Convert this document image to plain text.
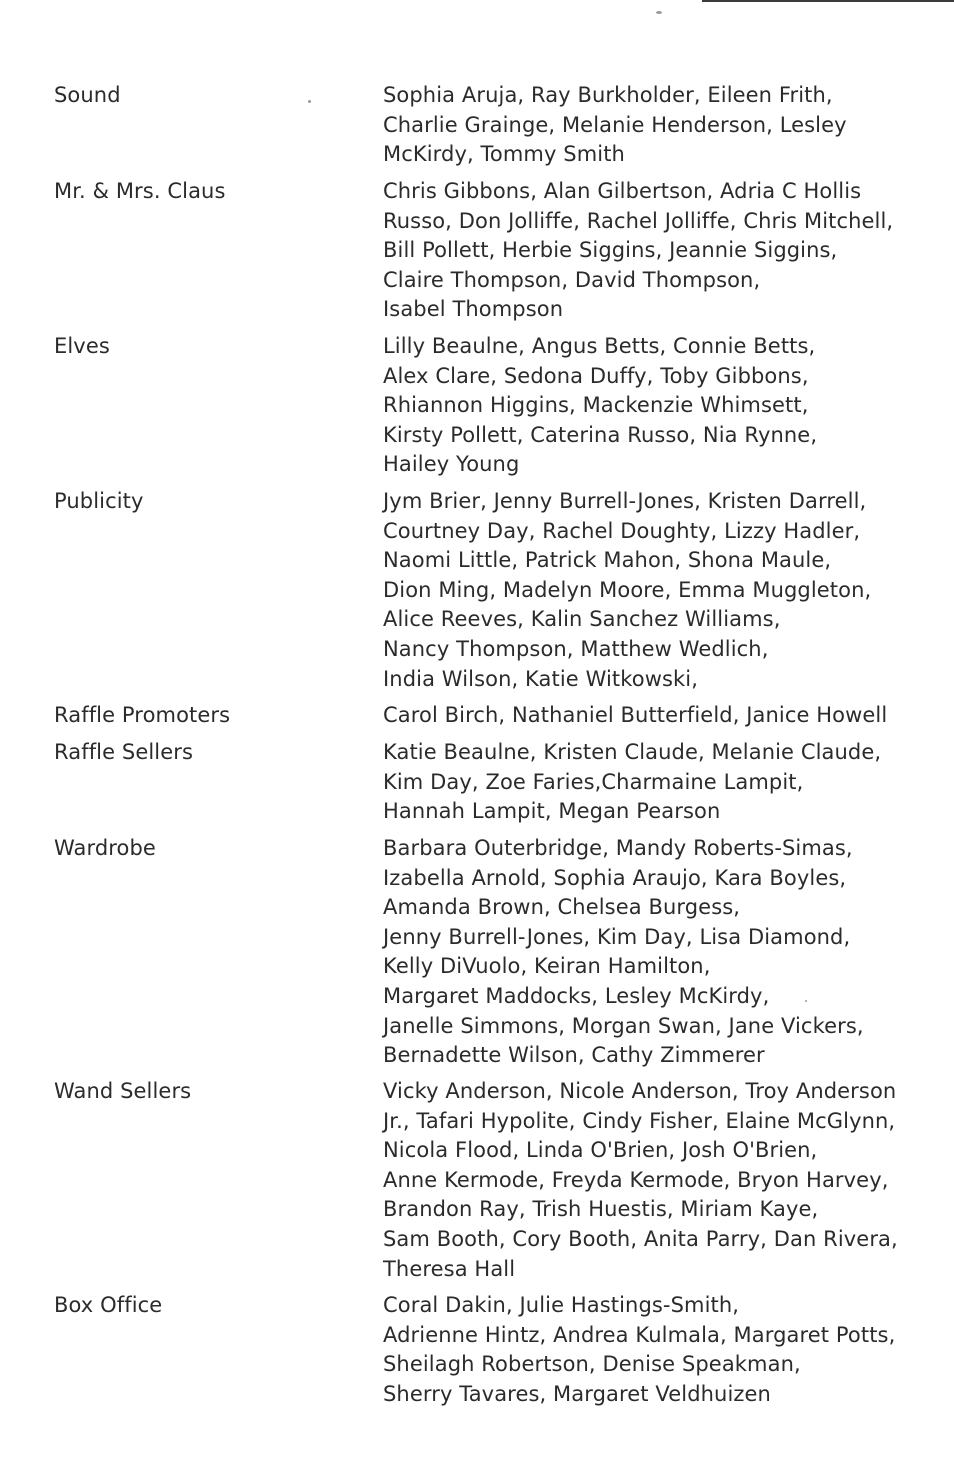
Sound	Sophia Aruja, Ray Burkholder, Eileen Frith,
Charlie Grainge, Melanie Henderson, Lesley
McKirdy, Tommy Smith
Mr. & Mrs. Claus	Chris Gibbons, Alan Gilbertson, Adria C Hollis
Russo, Don Jolliffe, Rachel Jolliffe, Chris Mitchell,
Bill Pollett, Herbie Siggins, Jeannie Siggins,
Claire Thompson, David Thompson,
Isabel Thompson
Elves	Lilly Beaulne, Angus Betts, Connie Betts,
Alex Clare, Sedona Duffy, Toby Gibbons,
Rhiannon Higgins, Mackenzie Whimsett,
Kirsty Pollett, Caterina Russo, Nia Rynne,
Hailey Young
Publicity	Jym Brier, Jenny Burrell-Jones, Kristen Darrell,
Courtney Day, Rachel Doughty, Lizzy Hadler,
Naomi Little, Patrick Mahon, Shona Maule,
Dion Ming, Madelyn Moore, Emma Muggleton,
Alice Reeves, Kalin Sanchez Williams,
Nancy Thompson, Matthew Wedlich,
India Wilson, Katie Witkowski,
Raffle Promoters	Carol Birch, Nathaniel Butterfield, Janice Howell
Raffle Sellers	Katie Beaulne, Kristen Claude, Melanie Claude,
Kim Day, Zoe Faries,Charmaine Lampit,
Hannah Lampit, Megan Pearson
Wardrobe	Barbara Outerbridge, Mandy Roberts-Simas,
Izabella Arnold, Sophia Araujo, Kara Boyles,
Amanda Brown, Chelsea Burgess,
Jenny Burrell-Jones, Kim Day, Lisa Diamond,
Kelly DiVuolo, Keiran Hamilton,
Margaret Maddocks, Lesley McKirdy,
Janelle Simmons, Morgan Swan, Jane Vickers,
Bernadette Wilson, Cathy Zimmerer
Wand Sellers	Vicky Anderson, Nicole Anderson, Troy Anderson
Jr., Tafari Hypolite, Cindy Fisher, Elaine McGlynn,
Nicola Flood, Linda O'Brien, Josh O'Brien,
Anne Kermode, Freyda Kermode, Bryon Harvey,
Brandon Ray, Trish Huestis, Miriam Kaye,
Sam Booth, Cory Booth, Anita Parry, Dan Rivera,
Theresa Hall
Box Office	Coral Dakin, Julie Hastings-Smith,
Adrienne Hintz, Andrea Kulmala, Margaret Potts,
Sheilagh Robertson, Denise Speakman,
Sherry Tavares, Margaret Veldhuizen
